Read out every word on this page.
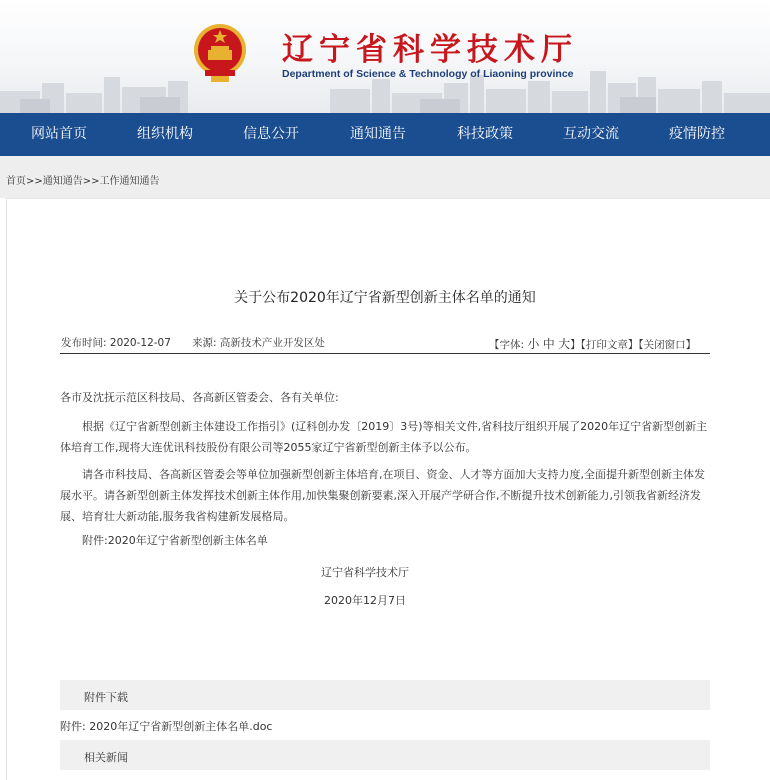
辽宁省科学技术厅
Department of Science & Technology of Liaoning province
网站首页	组织机构	信息公开	通知通告	科技政策	互动交流	疫情防控
首页>>通知通告>>工作通知通告
关于公布2020年辽宁省新型创新主体名单的通知
发布时间: 2020-12-07 来源: 高新技术产业开发区处	【字体: 小 中 大】【打印文章】【关闭窗口】
各市及沈抚示范区科技局、各高新区管委会、各有关单位:
根据《辽宁省新型创新主体建设工作指引》(辽科创办发〔2019〕3号)等相关文件,省科技厅组织开展了2020年辽宁省新型创新主体培育工作,现将大连优讯科技股份有限公司等2055家辽宁省新型创新主体予以公布。
请各市科技局、各高新区管委会等单位加强新型创新主体培育,在项目、资金、人才等方面加大支持力度,全面提升新型创新主体发展水平。请各新型创新主体发挥技术创新主体作用,加快集聚创新要素,深入开展产学研合作,不断提升技术创新能力,引领我省新经济发展、培育壮大新动能,服务我省构建新发展格局。
附件:2020年辽宁省新型创新主体名单
辽宁省科学技术厅
2020年12月7日
附件下载
附件: 2020年辽宁省新型创新主体名单.doc
相关新闻
